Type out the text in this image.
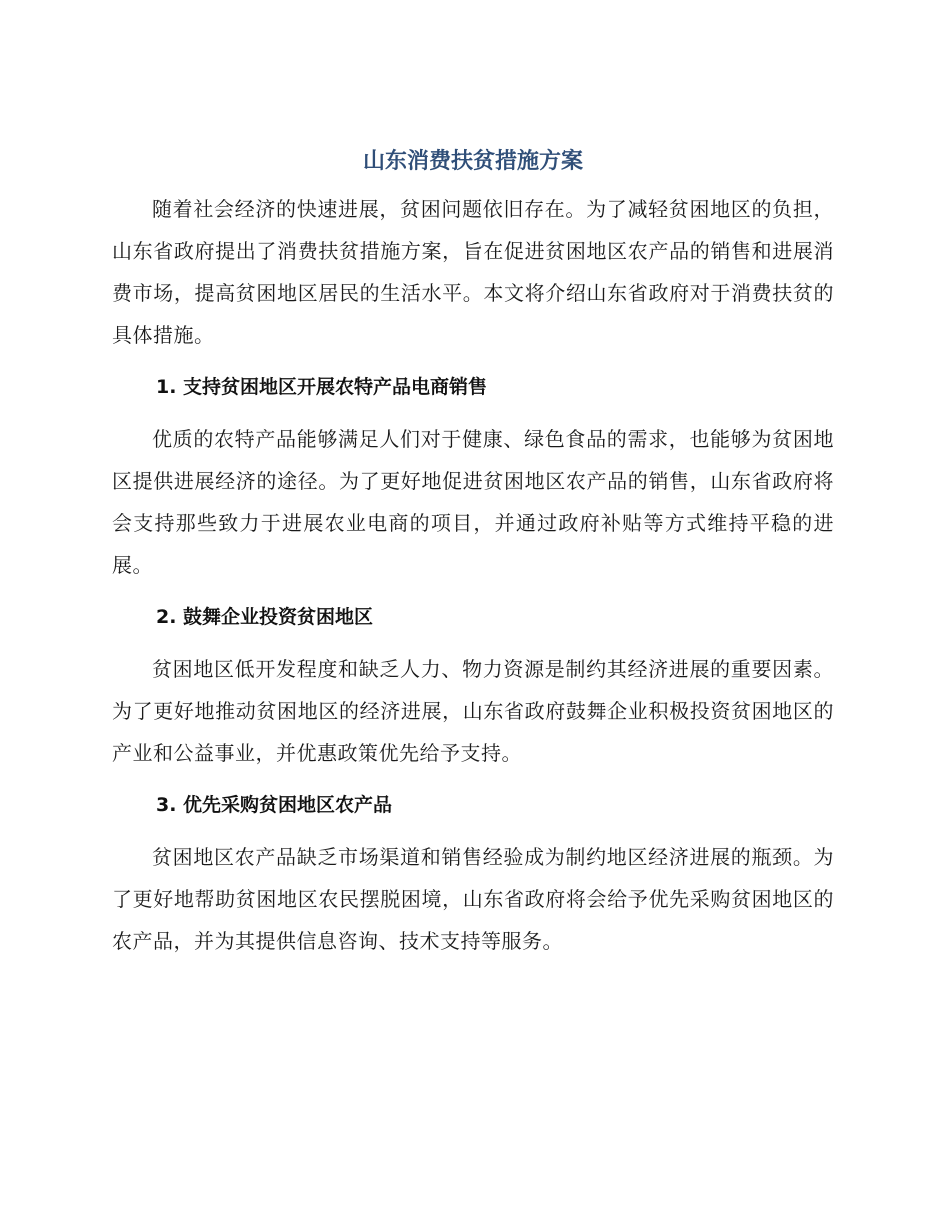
山东消费扶贫措施方案

随着社会经济的快速进展，贫困问题依旧存在。为了减轻贫困地区的负担，山东省政府提出了消费扶贫措施方案，旨在促进贫困地区农产品的销售和进展消费市场，提高贫困地区居民的生活水平。本文将介绍山东省政府对于消费扶贫的具体措施。

1. 支持贫困地区开展农特产品电商销售

优质的农特产品能够满足人们对于健康、绿色食品的需求，也能够为贫困地区提供进展经济的途径。为了更好地促进贫困地区农产品的销售，山东省政府将会支持那些致力于进展农业电商的项目，并通过政府补贴等方式维持平稳的进展。

2. 鼓舞企业投资贫困地区

贫困地区低开发程度和缺乏人力、物力资源是制约其经济进展的重要因素。为了更好地推动贫困地区的经济进展，山东省政府鼓舞企业积极投资贫困地区的产业和公益事业，并优惠政策优先给予支持。

3. 优先采购贫困地区农产品

贫困地区农产品缺乏市场渠道和销售经验成为制约地区经济进展的瓶颈。为了更好地帮助贫困地区农民摆脱困境，山东省政府将会给予优先采购贫困地区的农产品，并为其提供信息咨询、技术支持等服务。
